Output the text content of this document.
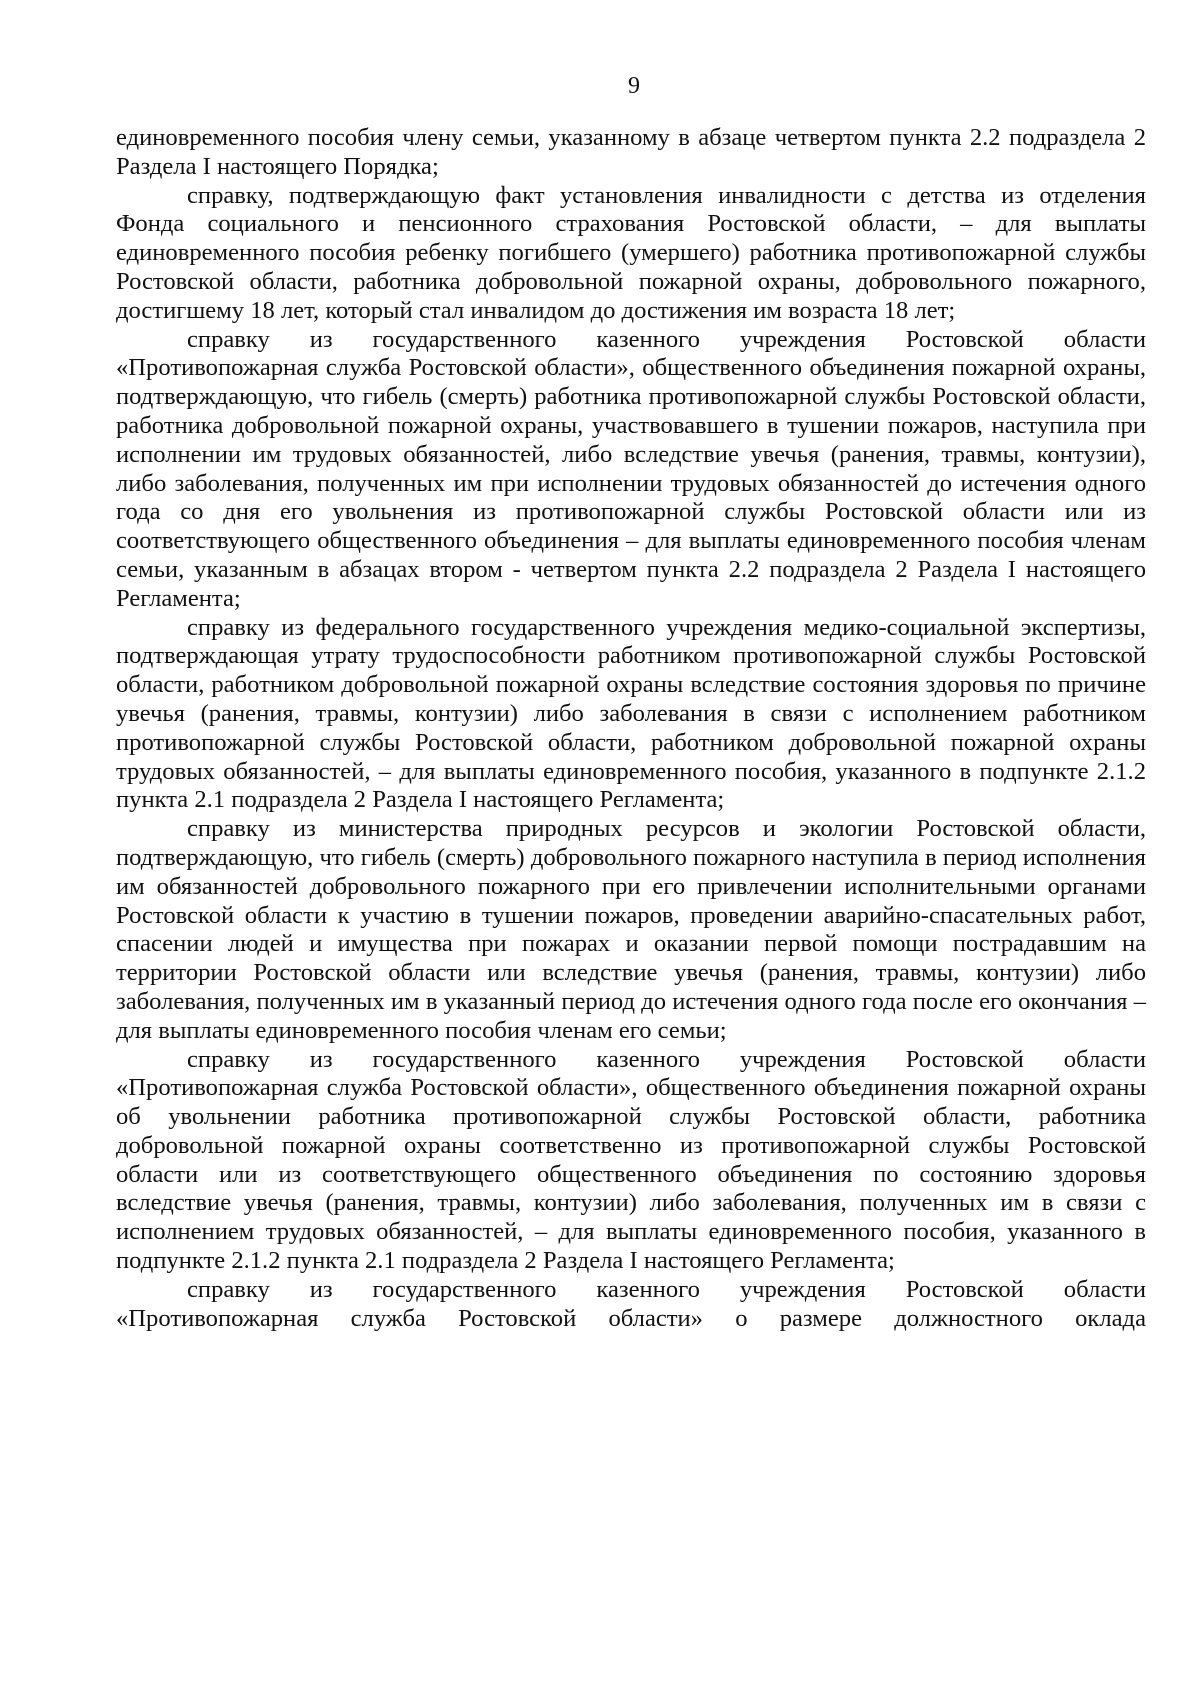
9

единовременного пособия члену семьи, указанному в абзаце четвертом пункта 2.2 подраздела 2 Раздела I настоящего Порядка;

справку, подтверждающую факт установления инвалидности с детства из отделения Фонда социального и пенсионного страхования Ростовской области, – для выплаты единовременного пособия ребенку погибшего (умершего) работника противопожарной службы Ростовской области, работника добровольной пожарной охраны, добровольного пожарного, достигшему 18 лет, который стал инвалидом до достижения им возраста 18 лет;

справку из государственного казенного учреждения Ростовской области «Противопожарная служба Ростовской области», общественного объединения пожарной охраны, подтверждающую, что гибель (смерть) работника противопожарной службы Ростовской области, работника добровольной пожарной охраны, участвовавшего в тушении пожаров, наступила при исполнении им трудовых обязанностей, либо вследствие увечья (ранения, травмы, контузии), либо заболевания, полученных им при исполнении трудовых обязанностей до истечения одного года со дня его увольнения из противопожарной службы Ростовской области или из соответствующего общественного объединения – для выплаты единовременного пособия членам семьи, указанным в абзацах втором - четвертом пункта 2.2 подраздела 2 Раздела I настоящего Регламента;

справку из федерального государственного учреждения медико-социальной экспертизы, подтверждающая утрату трудоспособности работником противопожарной службы Ростовской области, работником добровольной пожарной охраны вследствие состояния здоровья по причине увечья (ранения, травмы, контузии) либо заболевания в связи с исполнением работником противопожарной службы Ростовской области, работником добровольной пожарной охраны трудовых обязанностей, – для выплаты единовременного пособия, указанного в подпункте 2.1.2 пункта 2.1 подраздела 2 Раздела I настоящего Регламента;

справку из министерства природных ресурсов и экологии Ростовской области, подтверждающую, что гибель (смерть) добровольного пожарного наступила в период исполнения им обязанностей добровольного пожарного при его привлечении исполнительными органами Ростовской области к участию в тушении пожаров, проведении аварийно-спасательных работ, спасении людей и имущества при пожарах и оказании первой помощи пострадавшим на территории Ростовской области или вследствие увечья (ранения, травмы, контузии) либо заболевания, полученных им в указанный период до истечения одного года после его окончания – для выплаты единовременного пособия членам его семьи;

справку из государственного казенного учреждения Ростовской области «Противопожарная служба Ростовской области», общественного объединения пожарной охраны об увольнении работника противопожарной службы Ростовской области, работника добровольной пожарной охраны соответственно из противопожарной службы Ростовской области или из соответствующего общественного объединения по состоянию здоровья вследствие увечья (ранения, травмы, контузии) либо заболевания, полученных им в связи с исполнением трудовых обязанностей, – для выплаты единовременного пособия, указанного в подпункте 2.1.2 пункта 2.1 подраздела 2 Раздела I настоящего Регламента;

справку из государственного казенного учреждения Ростовской области «Противопожарная служба Ростовской области» о размере должностного оклада
